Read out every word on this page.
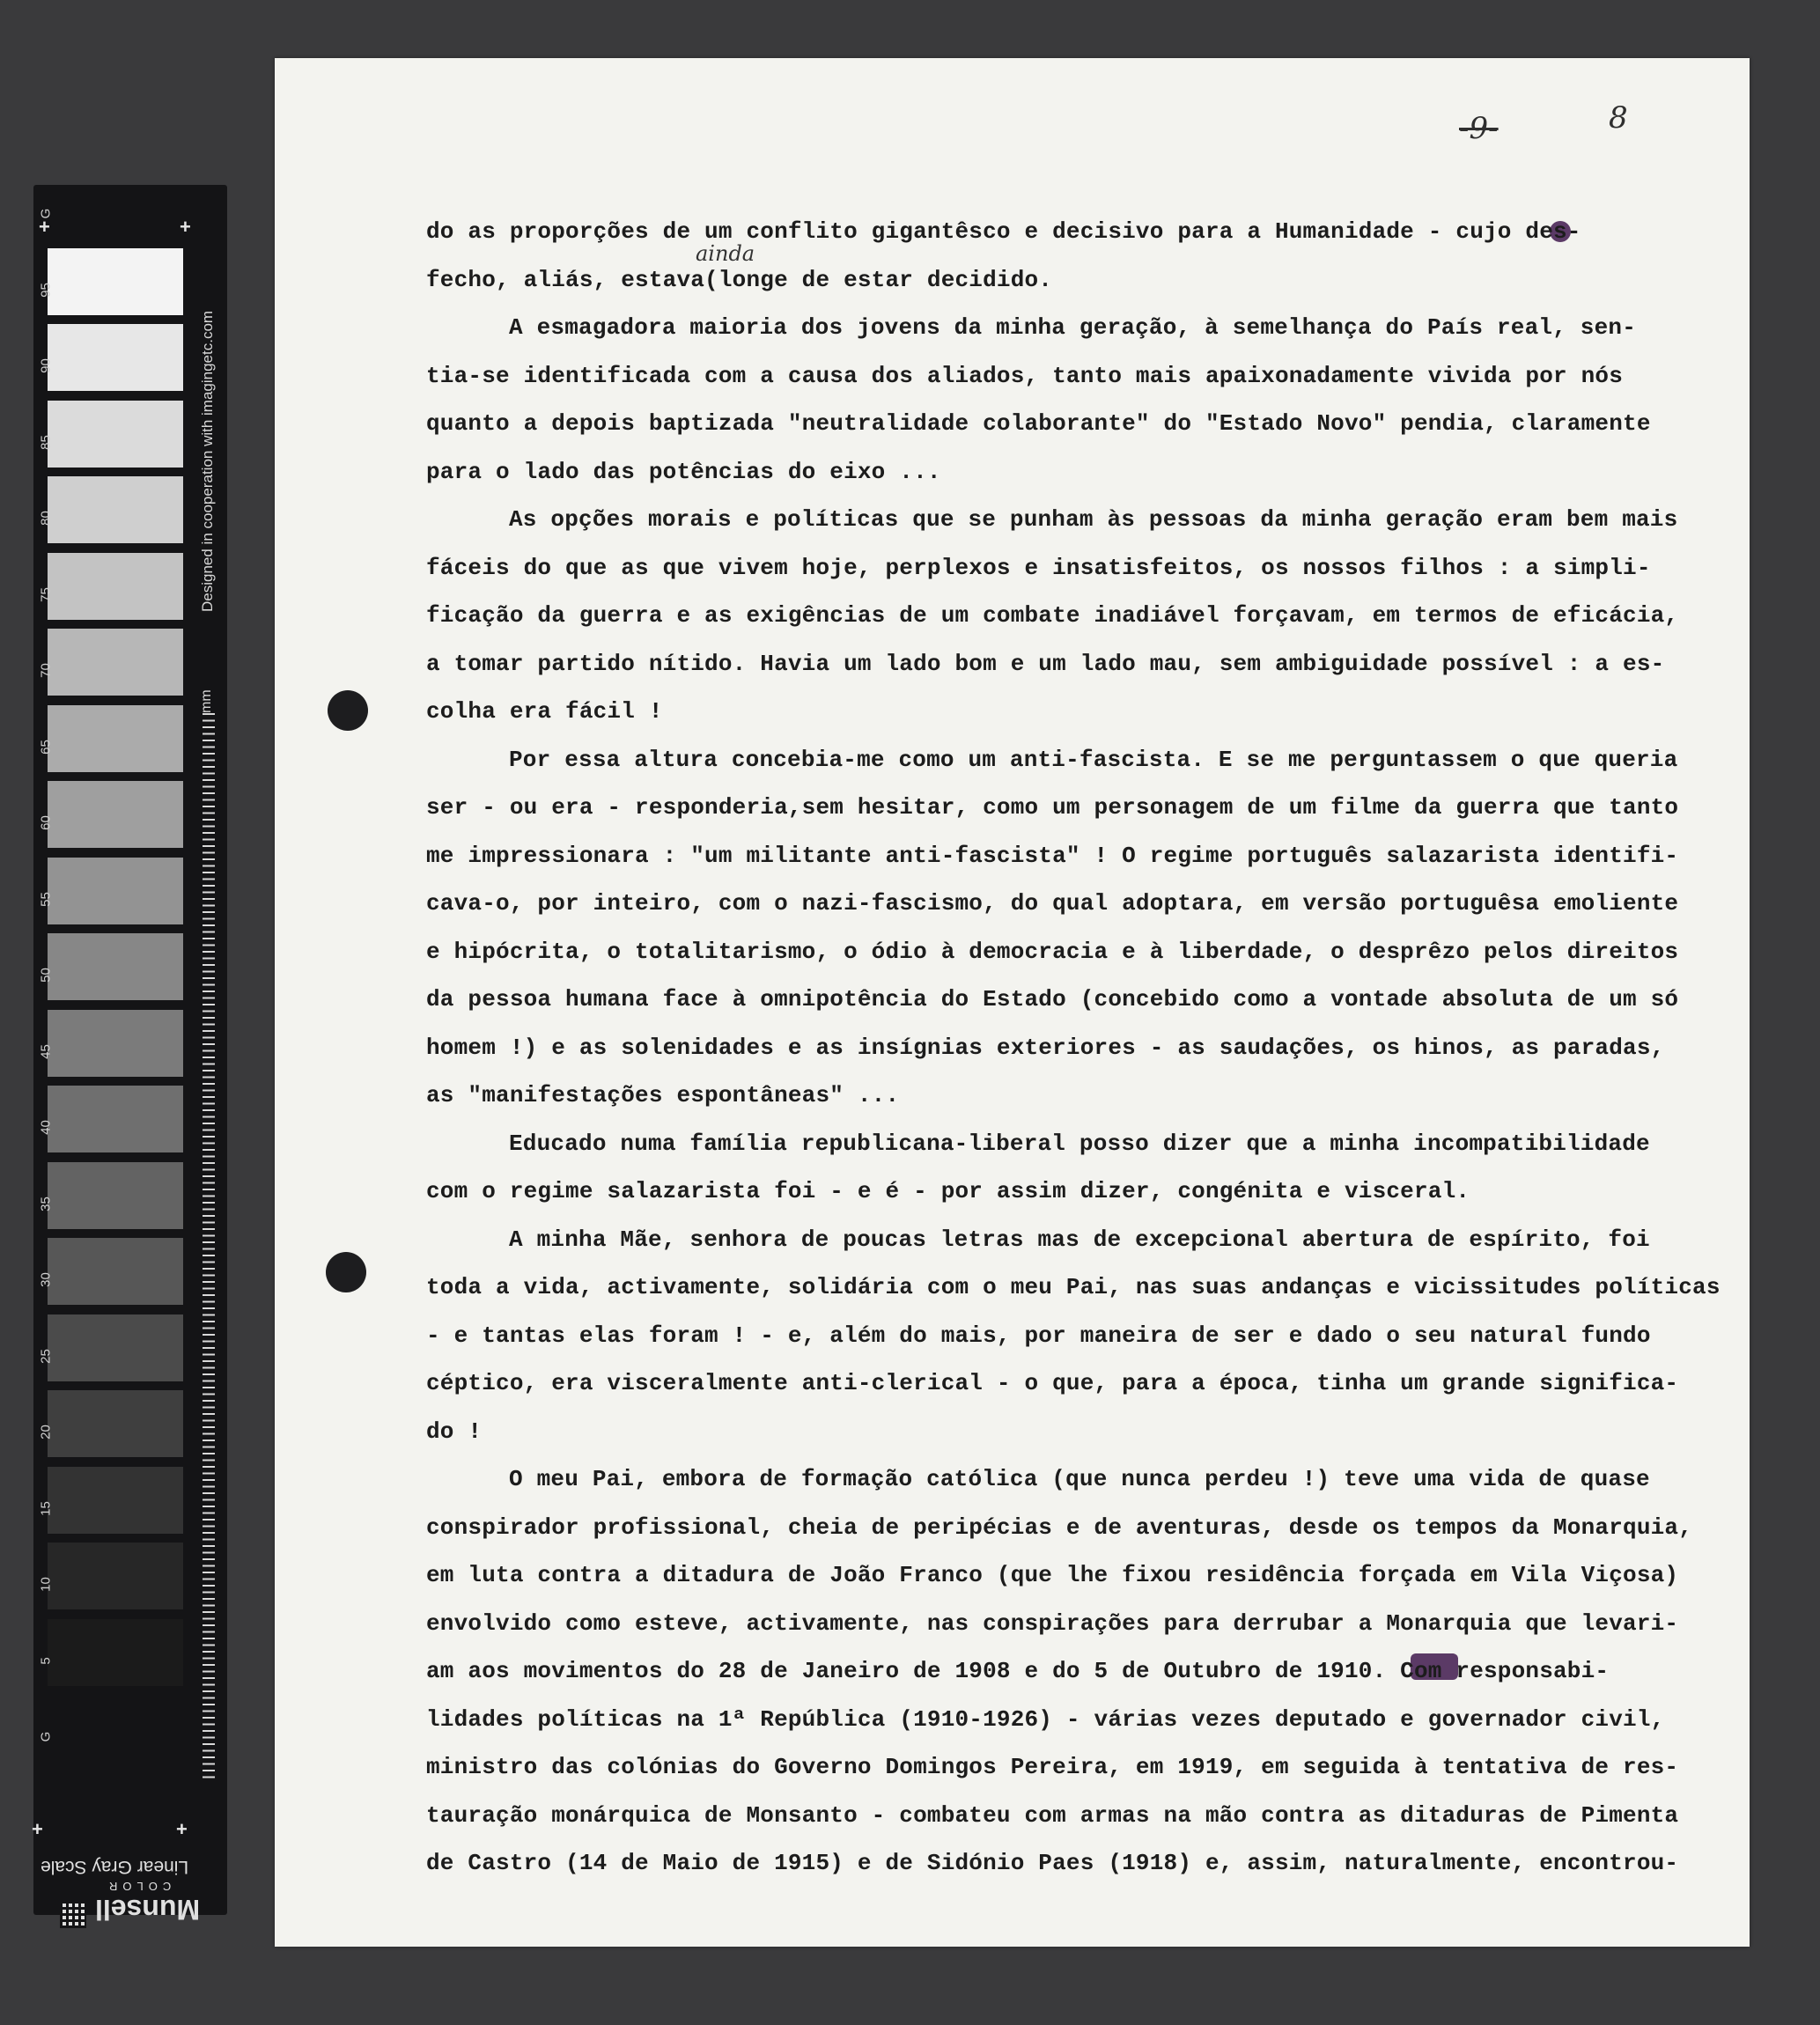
G
95
90
85
80
75
70
65
60
55
50
45
40
35
30
25
20
15
10
5
G
+	+
+	+
Designed in cooperation with imagingetc.com
mm
Linear Gray Scale
Munsell
COLOR
-9-	8
ainda
do as proporções de um conflito gigantêsco e decisivo para a Humanidade - cujo des-
fecho, aliás, estava(longe de estar decidido.
A esmagadora maioria dos jovens da minha geração, à semelhança do País real, sen-
tia-se identificada com a causa dos aliados, tanto mais apaixonadamente vivida por nós
quanto a depois baptizada "neutralidade colaborante" do "Estado Novo" pendia, claramente
para o lado das potências do eixo ...
As opções morais e políticas que se punham às pessoas da minha geração eram bem mais
fáceis do que as que vivem hoje, perplexos e insatisfeitos, os nossos filhos : a simpli-
ficação da guerra e as exigências de um combate inadiável forçavam, em termos de eficácia,
a tomar partido nítido. Havia um lado bom e um lado mau, sem ambiguidade possível : a es-
colha era fácil !
Por essa altura concebia-me como um anti-fascista. E se me perguntassem o que queria
ser - ou era - responderia,sem hesitar, como um personagem de um filme da guerra que tanto
me impressionara : "um militante anti-fascista" ! O regime português salazarista identifi-
cava-o, por inteiro, com o nazi-fascismo, do qual adoptara, em versão portuguêsa emoliente
e hipócrita, o totalitarismo, o ódio à democracia e à liberdade, o desprêzo pelos direitos
da pessoa humana face à omnipotência do Estado (concebido como a vontade absoluta de um só
homem !) e as solenidades e as insígnias exteriores - as saudações, os hinos, as paradas,
as "manifestações espontâneas" ...
Educado numa família republicana-liberal posso dizer que a minha incompatibilidade
com o regime salazarista foi - e é - por assim dizer, congénita e visceral.
A minha Mãe, senhora de poucas letras mas de excepcional abertura de espírito, foi
toda a vida, activamente, solidária com o meu Pai, nas suas andanças e vicissitudes políticas
- e tantas elas foram ! - e, além do mais, por maneira de ser e dado o seu natural fundo
céptico, era visceralmente anti-clerical - o que, para a época, tinha um grande significa-
do !
O meu Pai, embora de formação católica (que nunca perdeu !) teve uma vida de quase
conspirador profissional, cheia de peripécias e de aventuras, desde os tempos da Monarquia,
em luta contra a ditadura de João Franco (que lhe fixou residência forçada em Vila Viçosa)
envolvido como esteve, activamente, nas conspirações para derrubar a Monarquia que levari-
am aos movimentos do 28 de Janeiro de 1908 e do 5 de Outubro de 1910. Com responsabi-
lidades políticas na 1ª República (1910-1926) - várias vezes deputado e governador civil,
ministro das colónias do Governo Domingos Pereira, em 1919, em seguida à tentativa de res-
tauração monárquica de Monsanto - combateu com armas na mão contra as ditaduras de Pimenta
de Castro (14 de Maio de 1915) e de Sidónio Paes (1918) e, assim, naturalmente, encontrou-
